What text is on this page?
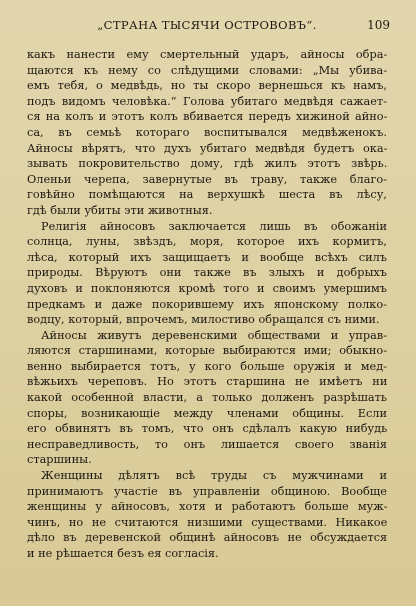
„СТРАНА ТЫСЯЧИ ОСТРОВОВЪ“.	109

какъ нанести ему смертельный ударъ, айносы обра-
щаются къ нему со слѣдущими словами: „Мы убива-
емъ тебя, о медвѣдь, но ты скоро вернешься къ намъ,
подъ видомъ человѣка.“ Голова убитаго медвѣдя сажает-
ся на колъ и этотъ колъ вбивается передъ хижиной айно-
са, въ семьѣ котораго воспитывался медвѣженокъ.
Айносы вѣрятъ, что духъ убитаго медвѣдя будетъ ока-
зывать покровительство дому, гдѣ жилъ этотъ звѣрь.
Оленьи черепа, завернутые въ траву, также благо-
говѣйно помѣщаются на верхушкѣ шеста въ лѣсу,
гдѣ были убиты эти животныя.

Религія айносовъ заключается лишь въ обожаніи
солнца, луны, звѣздъ, моря, которое ихъ кормитъ,
лѣса, который ихъ защищаетъ и вообще всѣхъ силъ
природы. Вѣруютъ они также въ злыхъ и добрыхъ
духовъ и поклоняются кромѣ того и своимъ умершимъ
предкамъ и даже покорившему ихъ японскому полко-
водцу, который, впрочемъ, милостиво обращался съ ними.

Айносы живутъ деревенскими обществами и управ-
ляются старшинами, которые выбираются ими; обыкно-
венно выбирается тотъ, у кого больше оружія и мед-
вѣжьихъ череповъ. Но этотъ старшина не имѣетъ ни
какой особенной власти, а только долженъ разрѣшать
споры, возникающіе между членами общины. Если
его обвинятъ въ томъ, что онъ сдѣлалъ какую нибудь
несправедливость, то онъ лишается своего званія
старшины.

Женщины дѣлятъ всѣ труды съ мужчинами и
принимаютъ участіе въ управленіи общиною. Вообще
женщины у айносовъ, хотя и работаютъ больше муж-
чинъ, но не считаются низшими существами. Никакое
дѣло въ деревенской общинѣ айносовъ не обсуждается
и не рѣшается безъ ея согласія.
